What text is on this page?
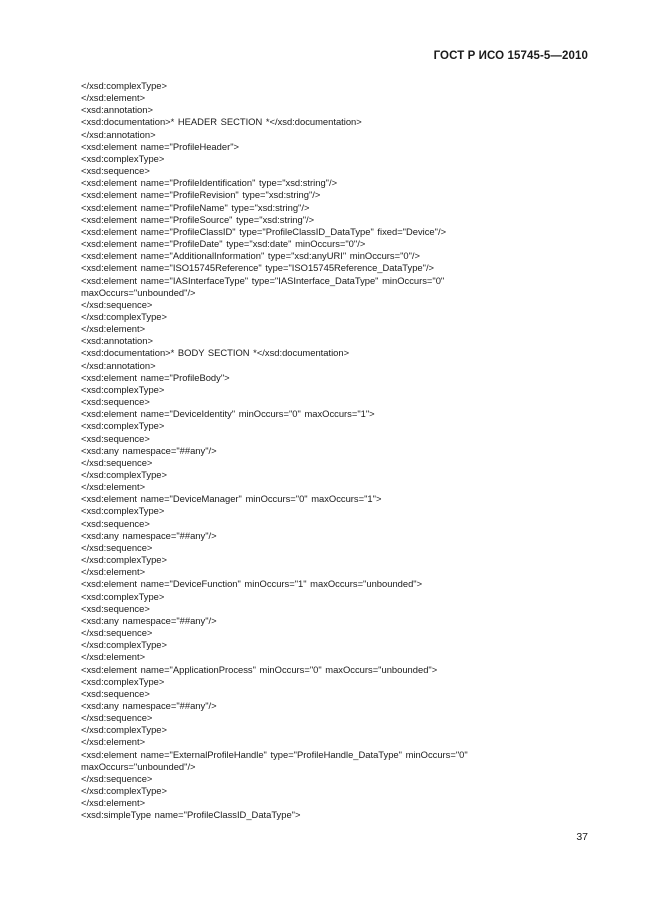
ГОСТ Р ИСО 15745-5—2010
</xsd:complexType>
</xsd:element>
<xsd:annotation>
<xsd:documentation>* HEADER SECTION *</xsd:documentation>
</xsd:annotation>
<xsd:element name="ProfileHeader">
<xsd:complexType>
<xsd:sequence>
<xsd:element name="ProfileIdentification" type="xsd:string"/>
<xsd:element name="ProfileRevision" type="xsd:string"/>
<xsd:element name="ProfileName" type="xsd:string"/>
<xsd:element name="ProfileSource" type="xsd:string"/>
<xsd:element name="ProfileClassID" type="ProfileClassID_DataType" fixed="Device"/>
<xsd:element name="ProfileDate" type="xsd:date" minOccurs="0"/>
<xsd:element name="AdditionalInformation" type="xsd:anyURI" minOccurs="0"/>
<xsd:element name="ISO15745Reference" type="ISO15745Reference_DataType"/>
<xsd:element name="IASInterfaceType" type="IASInterface_DataType" minOccurs="0"
maxOccurs="unbounded"/>
</xsd:sequence>
</xsd:complexType>
</xsd:element>
<xsd:annotation>
<xsd:documentation>* BODY SECTION *</xsd:documentation>
</xsd:annotation>
<xsd:element name="ProfileBody">
<xsd:complexType>
<xsd:sequence>
<xsd:element name="DeviceIdentity" minOccurs="0" maxOccurs="1">
<xsd:complexType>
<xsd:sequence>
<xsd:any namespace="##any"/>
</xsd:sequence>
</xsd:complexType>
</xsd:element>
<xsd:element name="DeviceManager" minOccurs="0" maxOccurs="1">
<xsd:complexType>
<xsd:sequence>
<xsd:any namespace="##any"/>
</xsd:sequence>
</xsd:complexType>
</xsd:element>
<xsd:element name="DeviceFunction" minOccurs="1" maxOccurs="unbounded">
<xsd:complexType>
<xsd:sequence>
<xsd:any namespace="##any"/>
</xsd:sequence>
</xsd:complexType>
</xsd:element>
<xsd:element name="ApplicationProcess" minOccurs="0" maxOccurs="unbounded">
<xsd:complexType>
<xsd:sequence>
<xsd:any namespace="##any"/>
</xsd:sequence>
</xsd:complexType>
</xsd:element>
<xsd:element name="ExternalProfileHandle" type="ProfileHandle_DataType" minOccurs="0"
maxOccurs="unbounded"/>
</xsd:sequence>
</xsd:complexType>
</xsd:element>
<xsd:simpleType name="ProfileClassID_DataType">
37
